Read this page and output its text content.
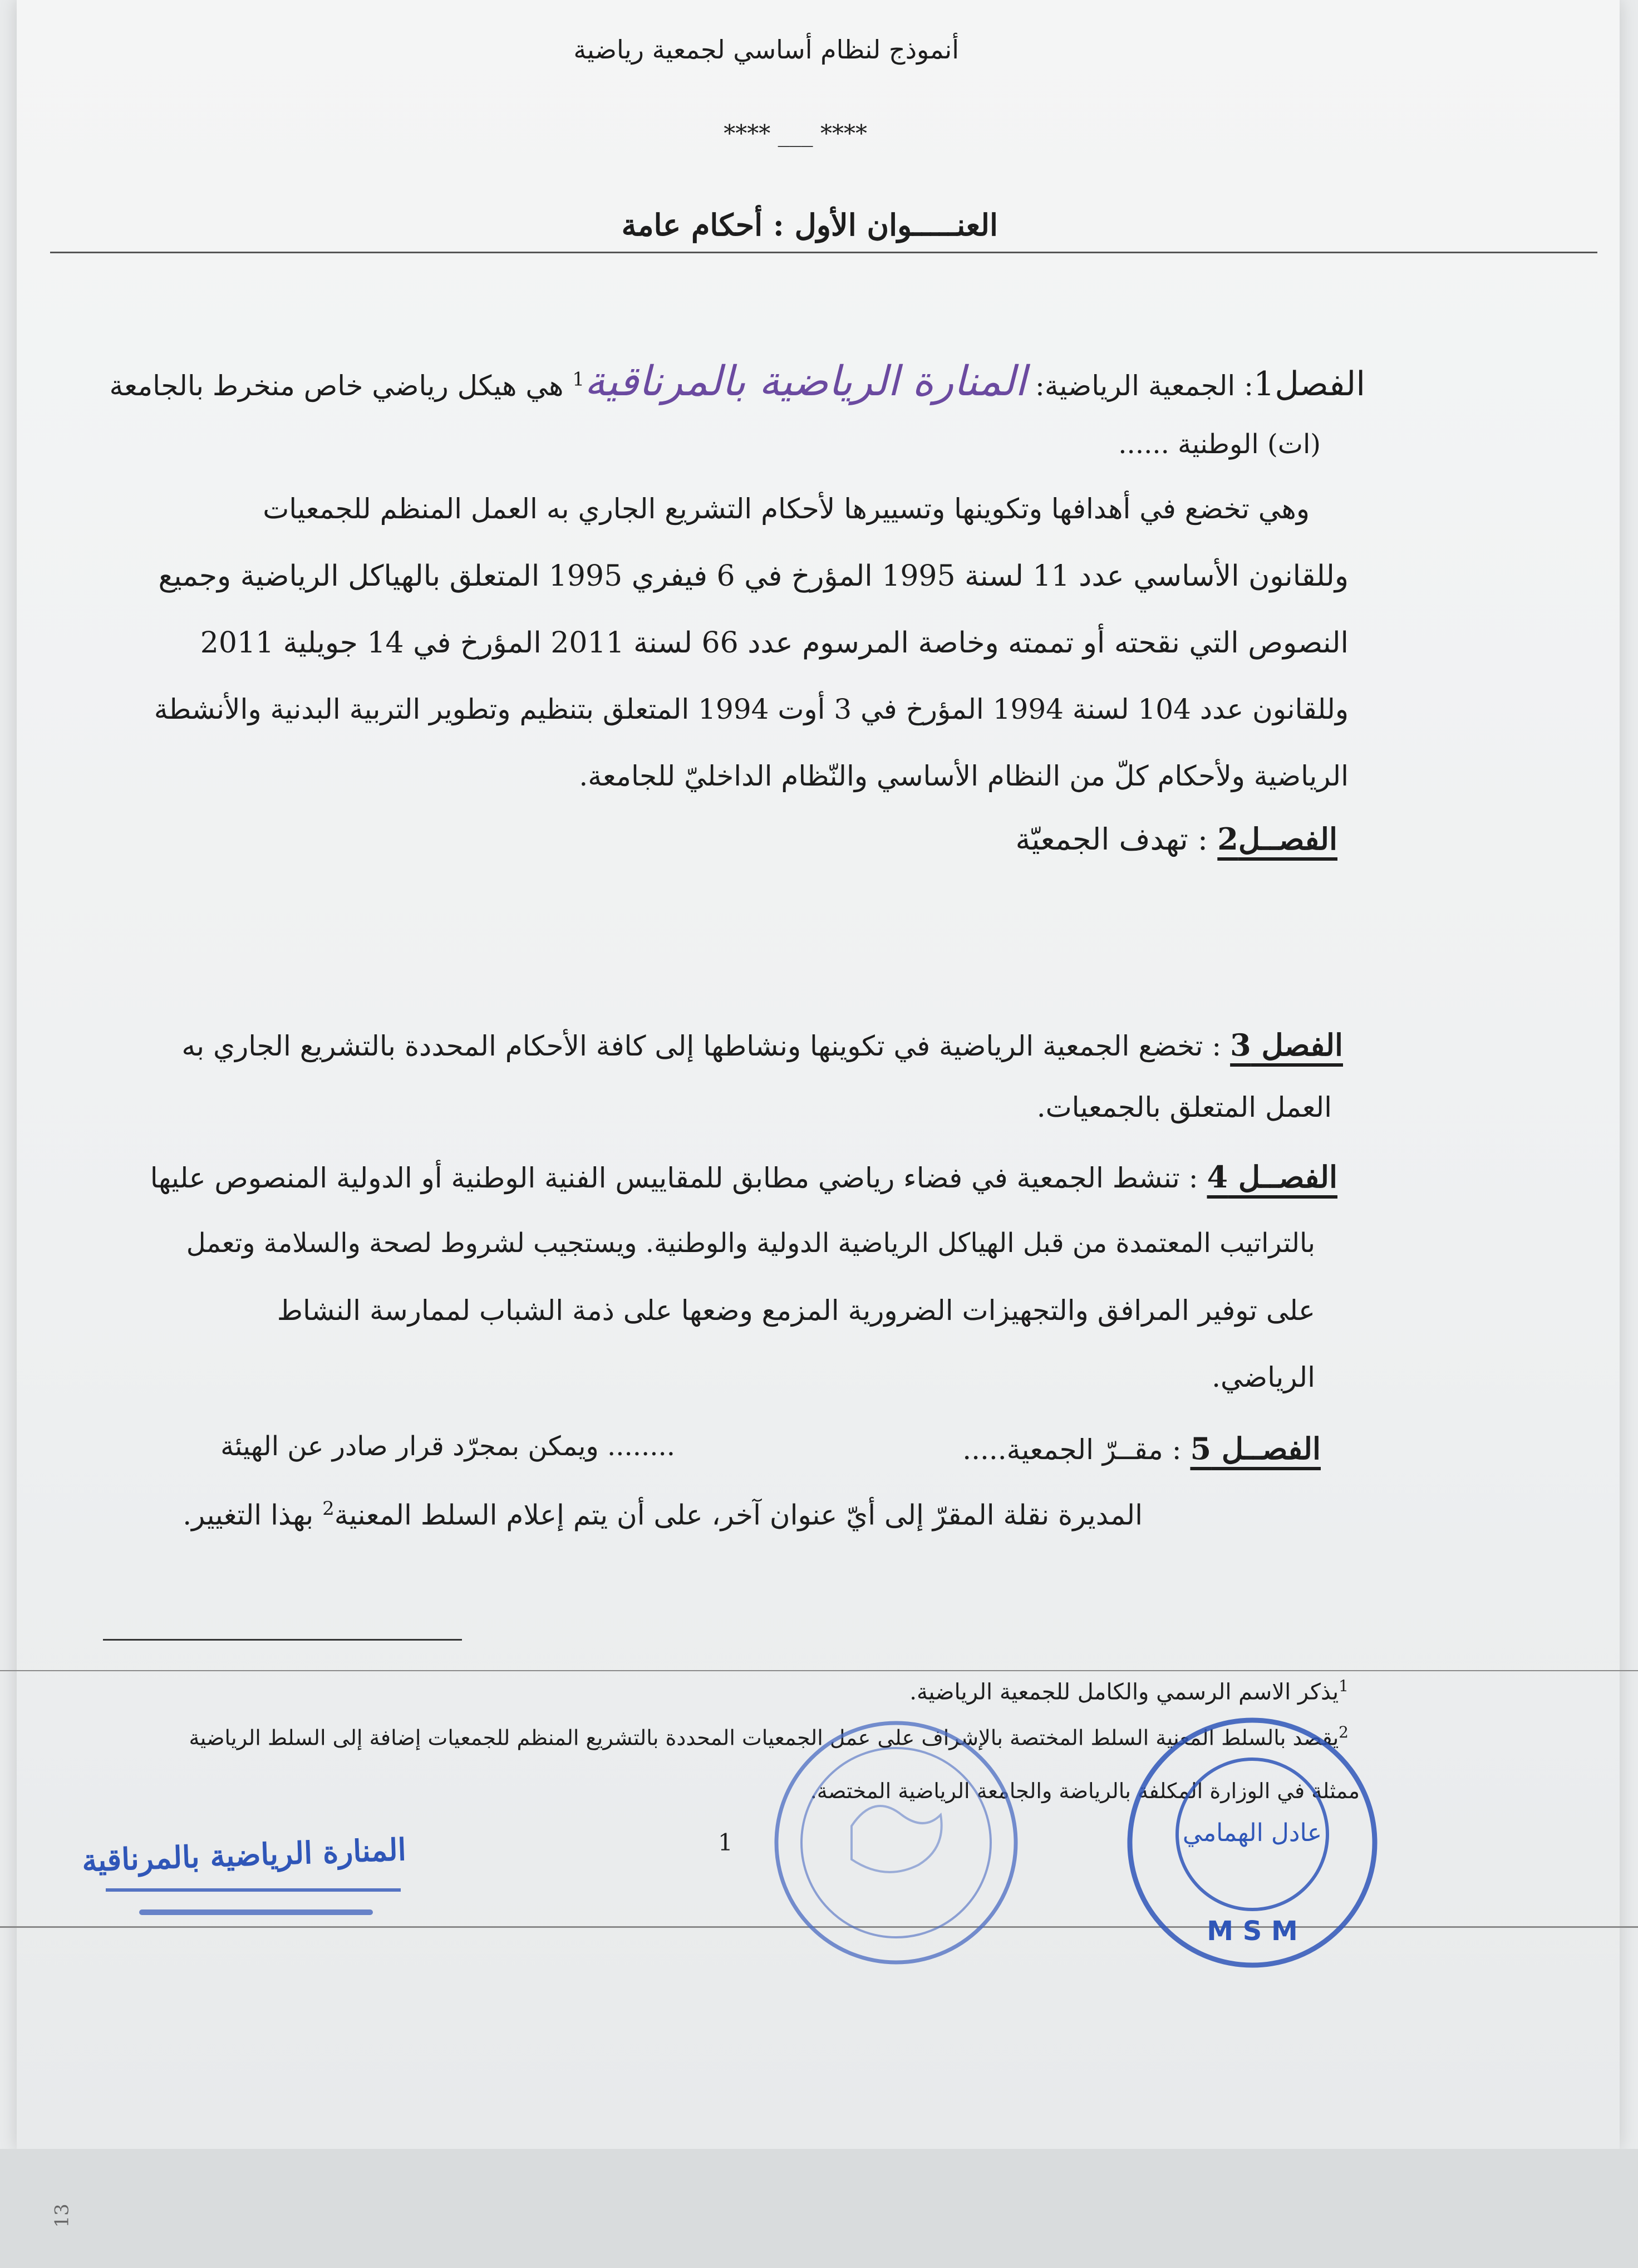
أنموذج لنظام أساسي لجمعية رياضية
**** ___ ****
العنـــــوان الأول : أحكام عامة
الفصل1: الجمعية الرياضية: المنارة الرياضية بالمرناقية$^1$ هي هيكل رياضي خاص منخرط بالجامعة
(ات) الوطنية ......
وهي تخضع في أهدافها وتكوينها وتسييرها لأحكام التشريع الجاري به العمل المنظم للجمعيات
وللقانون الأساسي عدد 11 لسنة 1995 المؤرخ في 6 فيفري 1995 المتعلق بالهياكل الرياضية وجميع
النصوص التي نقحته أو تممته وخاصة المرسوم عدد 66 لسنة 2011 المؤرخ في 14 جويلية 2011
وللقانون عدد 104 لسنة 1994 المؤرخ في 3 أوت 1994 المتعلق بتنظيم وتطوير التربية البدنية والأنشطة
الرياضية ولأحكام كلّ من النظام الأساسي والنّظام الداخليّ للجامعة.
الفصــل2 : تهدف الجمعيّة
الفصل 3 : تخضع الجمعية الرياضية في تكوينها ونشاطها إلى كافة الأحكام المحددة بالتشريع الجاري به
العمل المتعلق بالجمعيات.
الفصــل 4 : تنشط الجمعية في فضاء رياضي مطابق للمقاييس الفنية الوطنية أو الدولية المنصوص عليها
بالتراتيب المعتمدة من قبل الهياكل الرياضية الدولية والوطنية. ويستجيب لشروط لصحة والسلامة وتعمل
على توفير المرافق والتجهيزات الضرورية المزمع وضعها على ذمة الشباب لممارسة النشاط
الرياضي.
الفصــل 5 : مقــرّ الجمعية.....
........ ويمكن بمجرّد قرار صادر عن الهيئة
المديرة نقلة المقرّ إلى أيّ عنوان آخر، على أن يتم إعلام السلط المعنية$^2$ بهذا التغيير.
$^1$يذكر الاسم الرسمي والكامل للجمعية الرياضية.
$^2$يقصد بالسلط المعنية السلط المختصة بالإشراف على عمل الجمعيات المحددة بالتشريع المنظم للجمعيات إضافة إلى السلط الرياضية
ممثلة في الوزارة المكلفة بالرياضة والجامعة الرياضية المختصة.
1
المنارة الرياضية بالمرناقية	عادل الهمامي
M S M
13
